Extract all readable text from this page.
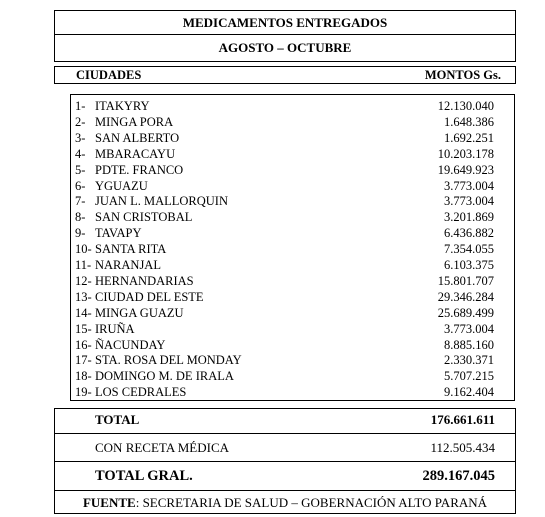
MEDICAMENTOS ENTREGADOS
AGOSTO – OCTUBRE
CIUDADES	MONTOS Gs.
1- ITAKYRY	12.130.040
2- MINGA PORA	1.648.386
3- SAN ALBERTO	1.692.251
4- MBARACAYU	10.203.178
5- PDTE. FRANCO	19.649.923
6- YGUAZU	3.773.004
7- JUAN L. MALLORQUIN	3.773.004
8- SAN CRISTOBAL	3.201.869
9- TAVAPY	6.436.882
10- SANTA RITA	7.354.055
11- NARANJAL	6.103.375
12- HERNANDARIAS	15.801.707
13- CIUDAD DEL ESTE	29.346.284
14- MINGA GUAZU	25.689.499
15- IRUÑA	3.773.004
16- ÑACUNDAY	8.885.160
17- STA. ROSA DEL MONDAY	2.330.371
18- DOMINGO M. DE IRALA	5.707.215
19- LOS CEDRALES	9.162.404
TOTAL	176.661.611
CON RECETA MÉDICA	112.505.434
TOTAL GRAL.	289.167.045
FUENTE: SECRETARIA DE SALUD – GOBERNACIÓN ALTO PARANÁ
